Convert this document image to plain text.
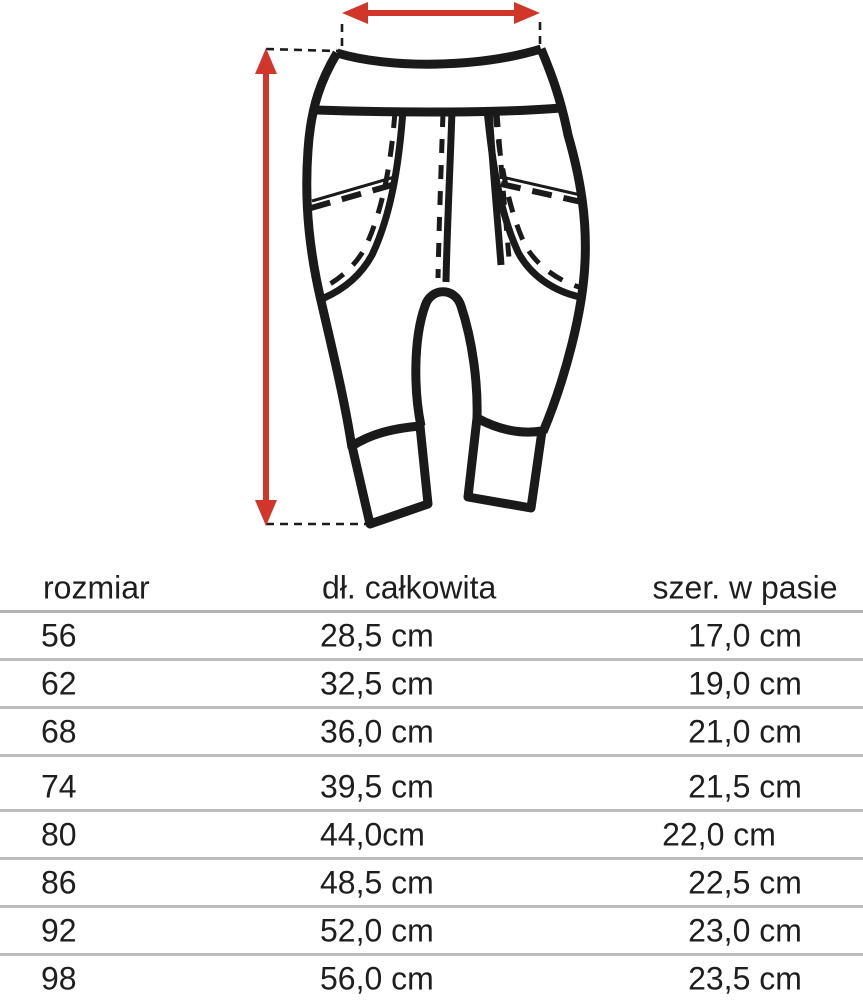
rozmiar	dł. całkowita	szer. w pasie
56	28,5 cm	17,0 cm
62	32,5 cm	19,0 cm
68	36,0 cm	21,0 cm
74	39,5 cm	21,5 cm
80	44,0cm	22,0 cm
86	48,5 cm	22,5 cm
92	52,0 cm	23,0 cm
98	56,0 cm	23,5 cm
